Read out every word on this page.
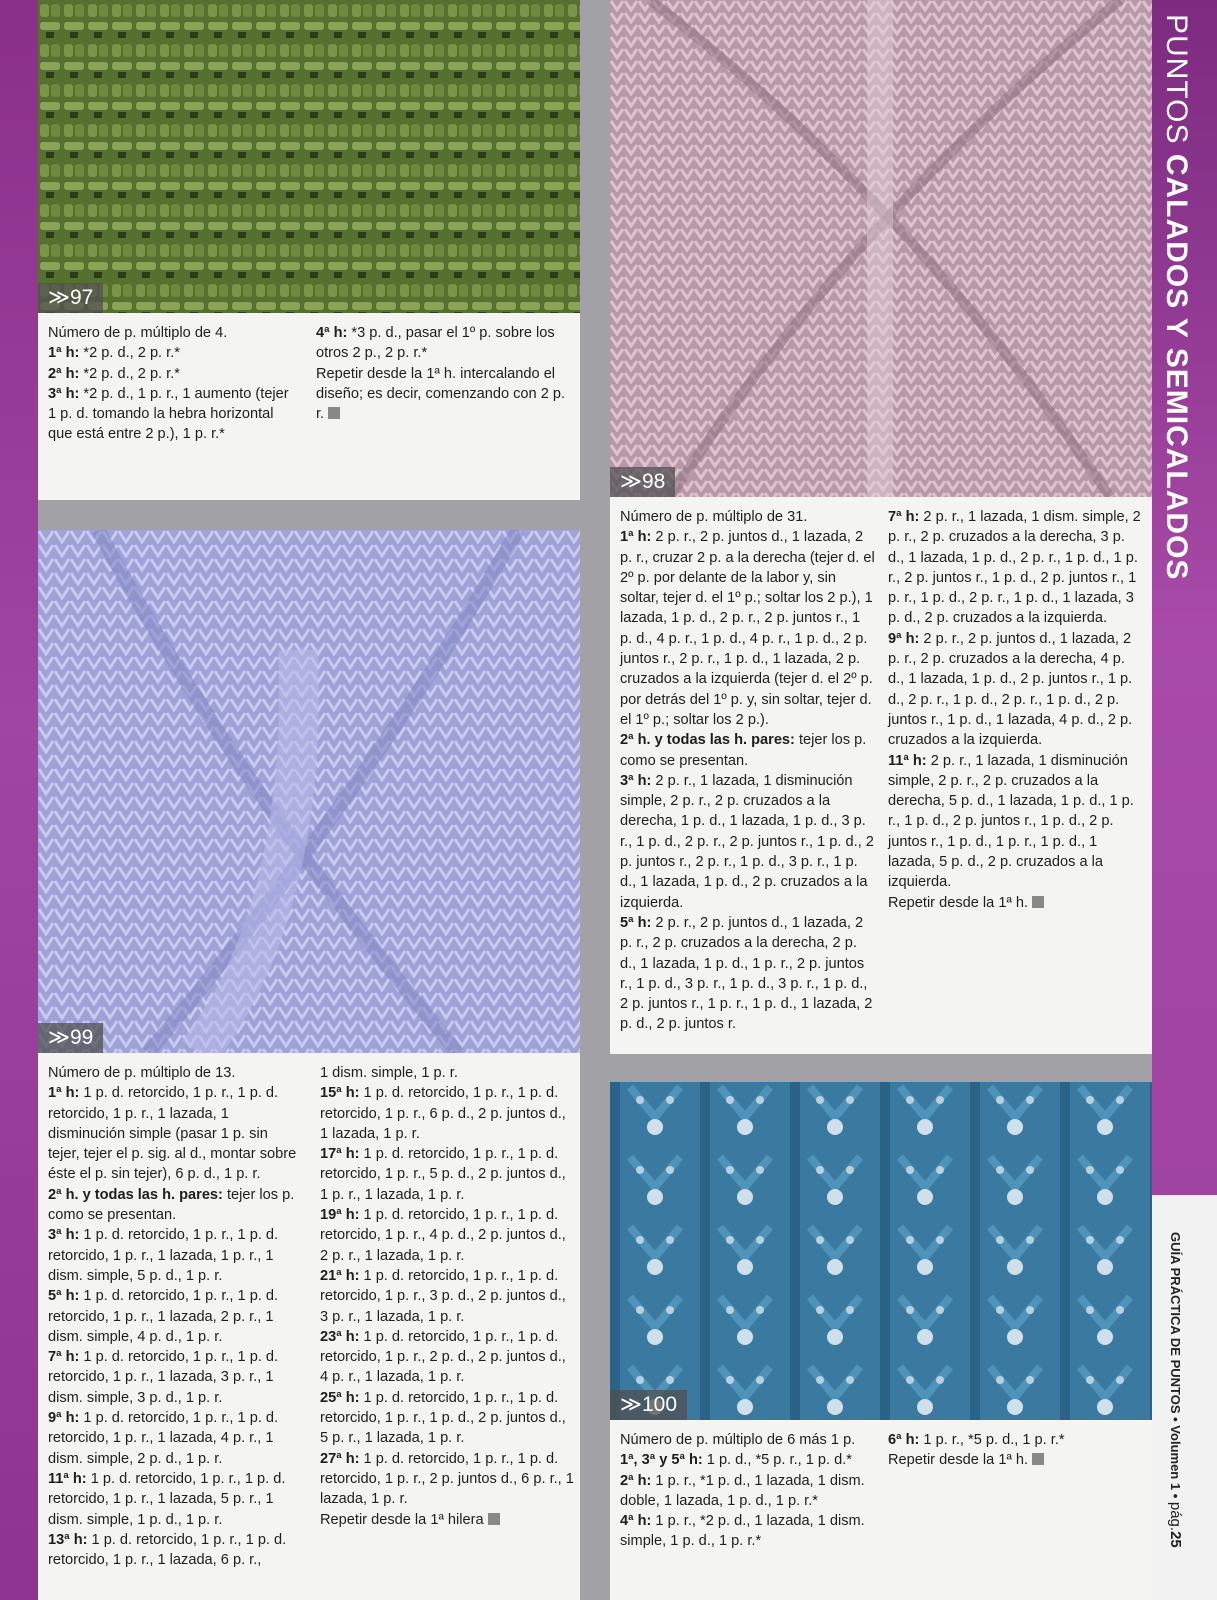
≫97

Número de p. múltiplo de 4.

1ª h: *2 p. d., 2 p. r.*

2ª h: *2 p. d., 2 p. r.*

3ª h: *2 p. d., 1 p. r., 1 aumento (tejer 1 p. d. tomando la hebra horizontal que está entre 2 p.), 1 p. r.*

4ª h: *3 p. d., pasar el 1º p. sobre los otros 2 p., 2 p. r.*

Repetir desde la 1ª h. intercalando el diseño; es decir, comenzando con 2 p. r.

≫99

Número de p. múltiplo de 13.

1ª h: 1 p. d. retorcido, 1 p. r., 1 p. d. retorcido, 1 p. r., 1 lazada, 1 disminución simple (pasar 1 p. sin tejer, tejer el p. sig. al d., montar sobre éste el p. sin tejer), 6 p. d., 1 p. r.

2ª h. y todas las h. pares: tejer los p. como se presentan.

3ª h: 1 p. d. retorcido, 1 p. r., 1 p. d. retorcido, 1 p. r., 1 lazada, 1 p. r., 1 dism. simple, 5 p. d., 1 p. r.

5ª h: 1 p. d. retorcido, 1 p. r., 1 p. d. retorcido, 1 p. r., 1 lazada, 2 p. r., 1 dism. simple, 4 p. d., 1 p. r.

7ª h: 1 p. d. retorcido, 1 p. r., 1 p. d. retorcido, 1 p. r., 1 lazada, 3 p. r., 1 dism. simple, 3 p. d., 1 p. r.

9ª h: 1 p. d. retorcido, 1 p. r., 1 p. d. retorcido, 1 p. r., 1 lazada, 4 p. r., 1 dism. simple, 2 p. d., 1 p. r.

11ª h: 1 p. d. retorcido, 1 p. r., 1 p. d. retorcido, 1 p. r., 1 lazada, 5 p. r., 1 dism. simple, 1 p. d., 1 p. r.

13ª h: 1 p. d. retorcido, 1 p. r., 1 p. d. retorcido, 1 p. r., 1 lazada, 6 p. r.,

1 dism. simple, 1 p. r.

15ª h: 1 p. d. retorcido, 1 p. r., 1 p. d. retorcido, 1 p. r., 6 p. d., 2 p. juntos d., 1 lazada, 1 p. r.

17ª h: 1 p. d. retorcido, 1 p. r., 1 p. d. retorcido, 1 p. r., 5 p. d., 2 p. juntos d., 1 p. r., 1 lazada, 1 p. r.

19ª h: 1 p. d. retorcido, 1 p. r., 1 p. d. retorcido, 1 p. r., 4 p. d., 2 p. juntos d., 2 p. r., 1 lazada, 1 p. r.

21ª h: 1 p. d. retorcido, 1 p. r., 1 p. d. retorcido, 1 p. r., 3 p. d., 2 p. juntos d., 3 p. r., 1 lazada, 1 p. r.

23ª h: 1 p. d. retorcido, 1 p. r., 1 p. d. retorcido, 1 p. r., 2 p. d., 2 p. juntos d., 4 p. r., 1 lazada, 1 p. r.

25ª h: 1 p. d. retorcido, 1 p. r., 1 p. d. retorcido, 1 p. r., 1 p. d., 2 p. juntos d., 5 p. r., 1 lazada, 1 p. r.

27ª h: 1 p. d. retorcido, 1 p. r., 1 p. d. retorcido, 1 p. r., 2 p. juntos d., 6 p. r., 1 lazada, 1 p. r.

Repetir desde la 1ª hilera

≫98

Número de p. múltiplo de 31.

1ª h: 2 p. r., 2 p. juntos d., 1 lazada, 2 p. r., cruzar 2 p. a la derecha (tejer d. el 2º p. por delante de la labor y, sin soltar, tejer d. el 1º p.; soltar los 2 p.), 1 lazada, 1 p. d., 2 p. r., 2 p. juntos r., 1 p. d., 4 p. r., 1 p. d., 4 p. r., 1 p. d., 2 p. juntos r., 2 p. r., 1 p. d., 1 lazada, 2 p. cruzados a la izquierda (tejer d. el 2º p. por detrás del 1º p. y, sin soltar, tejer d. el 1º p.; soltar los 2 p.).

2ª h. y todas las h. pares: tejer los p. como se presentan.

3ª h: 2 p. r., 1 lazada, 1 disminución simple, 2 p. r., 2 p. cruzados a la derecha, 1 p. d., 1 lazada, 1 p. d., 3 p. r., 1 p. d., 2 p. r., 2 p. juntos r., 1 p. d., 2 p. juntos r., 2 p. r., 1 p. d., 3 p. r., 1 p. d., 1 lazada, 1 p. d., 2 p. cruzados a la izquierda.

5ª h: 2 p. r., 2 p. juntos d., 1 lazada, 2 p. r., 2 p. cruzados a la derecha, 2 p. d., 1 lazada, 1 p. d., 1 p. r., 2 p. juntos r., 1 p. d., 3 p. r., 1 p. d., 3 p. r., 1 p. d., 2 p. juntos r., 1 p. r., 1 p. d., 1 lazada, 2 p. d., 2 p. juntos r.

7ª h: 2 p. r., 1 lazada, 1 dism. simple, 2 p. r., 2 p. cruzados a la derecha, 3 p. d., 1 lazada, 1 p. d., 2 p. r., 1 p. d., 1 p. r., 2 p. juntos r., 1 p. d., 2 p. juntos r., 1 p. r., 1 p. d., 2 p. r., 1 p. d., 1 lazada, 3 p. d., 2 p. cruzados a la izquierda.

9ª h: 2 p. r., 2 p. juntos d., 1 lazada, 2 p. r., 2 p. cruzados a la derecha, 4 p. d., 1 lazada, 1 p. d., 2 p. juntos r., 1 p. d., 2 p. r., 1 p. d., 2 p. r., 1 p. d., 2 p. juntos r., 1 p. d., 1 lazada, 4 p. d., 2 p. cruzados a la izquierda.

11ª h: 2 p. r., 1 lazada, 1 disminución simple, 2 p. r., 2 p. cruzados a la derecha, 5 p. d., 1 lazada, 1 p. d., 1 p. r., 1 p. d., 2 p. juntos r., 1 p. d., 2 p. juntos r., 1 p. d., 1 p. r., 1 p. d., 1 lazada, 5 p. d., 2 p. cruzados a la izquierda.

Repetir desde la 1ª h.

≫100

Número de p. múltiplo de 6 más 1 p.

1ª, 3ª y 5ª h: 1 p. d., *5 p. r., 1 p. d.*

2ª h: 1 p. r., *1 p. d., 1 lazada, 1 dism. doble, 1 lazada, 1 p. d., 1 p. r.*

4ª h: 1 p. r., *2 p. d., 1 lazada, 1 dism. simple, 1 p. d., 1 p. r.*

6ª h: 1 p. r., *5 p. d., 1 p. r.*

Repetir desde la 1ª h.

PUNTOS CALADOS Y SEMICALADOS
GUÍA PRÁCTICA DE PUNTOS • Volumen 1 • pág.25
